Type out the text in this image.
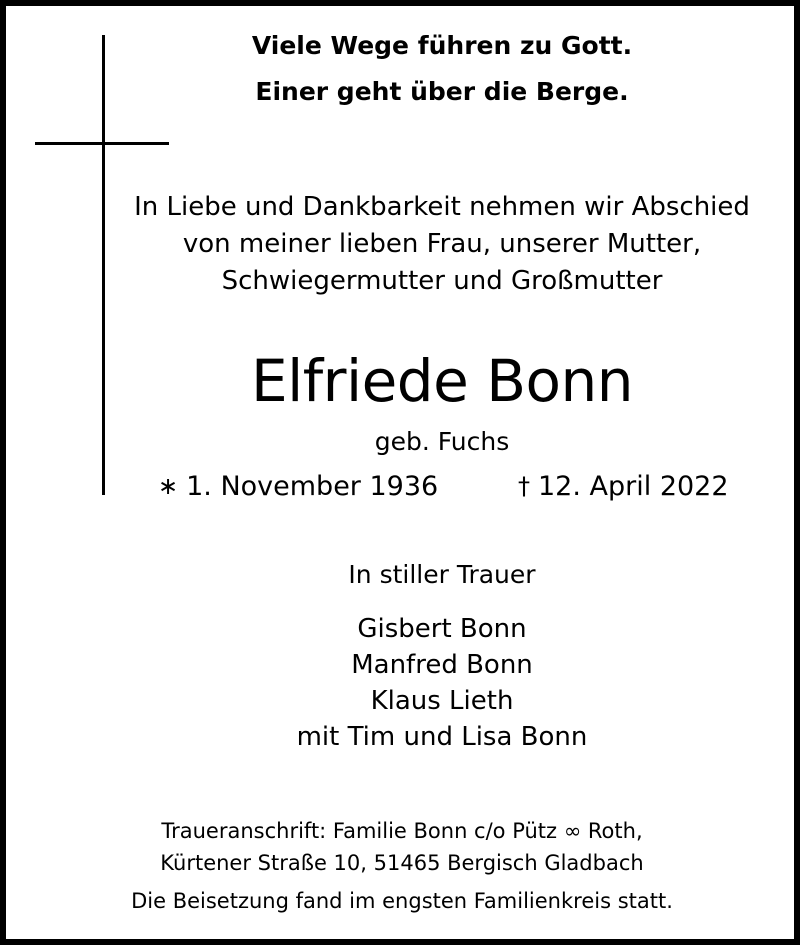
Viele Wege führen zu Gott.
Einer geht über die Berge.
In Liebe und Dankbarkeit nehmen wir Abschied
von meiner lieben Frau, unserer Mutter,
Schwiegermutter und Großmutter
Elfriede Bonn
geb. Fuchs
∗ 1. November 1936	† 12. April 2022
In stiller Trauer
Gisbert Bonn
Manfred Bonn
Klaus Lieth
mit Tim und Lisa Bonn
Traueranschrift: Familie Bonn c/o Pütz ∞ Roth,
Kürtener Straße 10, 51465 Bergisch Gladbach
Die Beisetzung fand im engsten Familienkreis statt.
